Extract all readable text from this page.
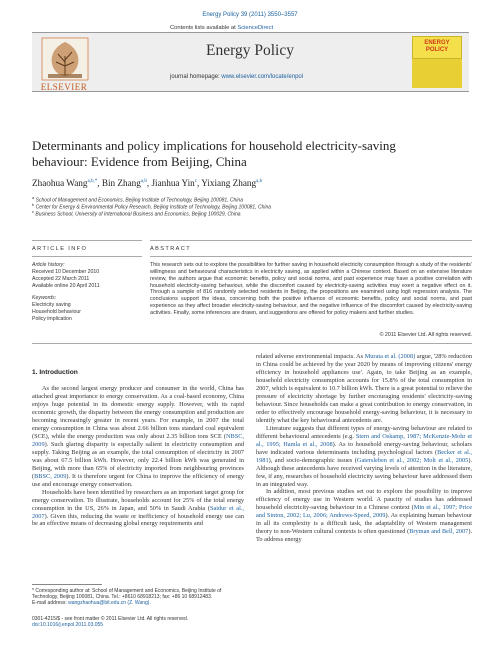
Energy Policy 39 (2011) 3550–3557
Contents lists available at ScienceDirect
ELSEVIER
Energy Policy
journal homepage: www.elsevier.com/locate/enpol
ENERGY POLICY
Determinants and policy implications for household electricity-saving
behaviour: Evidence from Beijing, China
Zhaohua Wang$^{a,b,*}$, Bin Zhang$^{a,b}$, Jianhua Yin$^c$, Yixiang Zhang$^{a,b}$
$^a$ School of Management and Economics, Beijing Institute of Technology, Beijing 100081, China
$^b$ Center for Energy & Environmental Policy Research, Beijing Institute of Technology, Beijing 100081, China
$^c$ Business School, University of International Business and Economics, Beijing 100029, China
ARTICLE INFO	ABSTRACT
Article history:
Received 10 December 2010
Accepted 22 March 2011
Available online 20 April 2011
Keywords:
Electricity saving
Household behaviour
Policy implication
This research sets out to explore the possibilities for further saving in household electricity consumption through a study of the residents' willingness and behavioural characteristics in electricity saving, as applied within a Chinese context. Based on an extensive literature review, the authors argue that economic benefits, policy and social norms, and past experience may have a positive correlation with household electricity-saving behaviour, while the discomfort caused by electricity-saving activities may exert a negative effect on it. Through a sample of 816 randomly selected residents in Beijing, the propositions are examined using logit regression analysis. The conclusions support the ideas, concerning both the positive influence of economic benefits, policy and social norms, and past experience as they affect broader electricity-saving behaviour, and the negative influence of the discomfort caused by electricity-saving activities. Finally, some inferences are drawn, and suggestions are offered for policy makers and further studies.
© 2011 Elsevier Ltd. All rights reserved.
1. Introduction

As the second largest energy producer and consumer in the world, China has attached great importance to energy conservation. As a coal-based economy, China enjoys huge potential in its domestic energy supply. However, with its rapid economic growth, the disparity between the energy consumption and production are becoming increasingly greater in recent years. For example, in 2007 the total energy consumption in China was about 2.66 billion tons standard coal equivalent (SCE), while the energy production was only about 2.35 billion tons SCE (NBSC, 2009). Such glaring disparity is especially salient in electricity consumption and supply. Taking Beijing as an example, the total consumption of electricity in 2007 was about 67.5 billion kWh. However, only 22.4 billion kWh was generated in Beijing, with more than 65% of electricity imported from neighbouring provinces (BBSC, 2009). It is therefore urgent for China to improve the efficiency of energy use and encourage energy conservation.

Households have been identified by researchers as an important target group for energy conservation. To illustrate, households account for 25% of the total energy consumption in the US, 26% in Japan, and 50% in Saudi Arabia (Saidur et al., 2007). Given this, reducing the waste or inefficiency of household energy use can be an effective means of decreasing global energy requirements and

related adverse environmental impacts. As Murata et al. (2008) argue, '28% reduction in China could be achieved by the year 2020 by means of improving citizens' energy efficiency in household appliances use'. Again, to take Beijing as an example, household electricity consumption accounts for 15.8% of the total consumption in 2007, which is equivalent to 10.7 billion kWh. There is a great potential to relieve the pressure of electricity shortage by further encouraging residents' electricity-saving behaviour. Since households can make a great contribution to energy conservation, in order to effectively encourage household energy-saving behaviour, it is necessary to identify what the key behavioural antecedents are.

Literature suggests that different types of energy-saving behaviour are related to different behavioural antecedents (e.g. Stern and Oskamp, 1987; McKenzie-Mohr et al., 1995; Hamla et al., 2008). As to household energy-saving behaviour, scholars have indicated various determinants including psychological factors (Becker et al., 1981), and socio-demographic issues (Gatersleben et al., 2002; Molt et al., 2005). Although these antecedents have received varying levels of attention in the literature, few, if any, researches of household electricity saving behaviour have addressed them in an integrated way.

In addition, most previous studies set out to explore the possibility to improve efficiency of energy use in Western world. A paucity of studies has addressed household electricity-saving behaviour in a Chinese context (Min et al., 1997; Price and Sinton, 2002; Lu, 2006; Andrews-Speed, 2009). As explaining human behaviour in all its complexity is a difficult task, the adaptability of Western management theory to non-Western cultural contexts is often questioned (Bryman and Bell, 2007). To address energy

* Corresponding author at: School of Management and Economics, Beijing Institute of Technology, Beijing 100081, China. Tel.: +8610 68918213; fax: +86 10 68912483.
E-mail address: wangzhaohua@bit.edu.cn (Z. Wang).
0301-4215/$ - see front matter © 2011 Elsevier Ltd. All rights reserved.
doi:10.1016/j.enpol.2011.03.055
